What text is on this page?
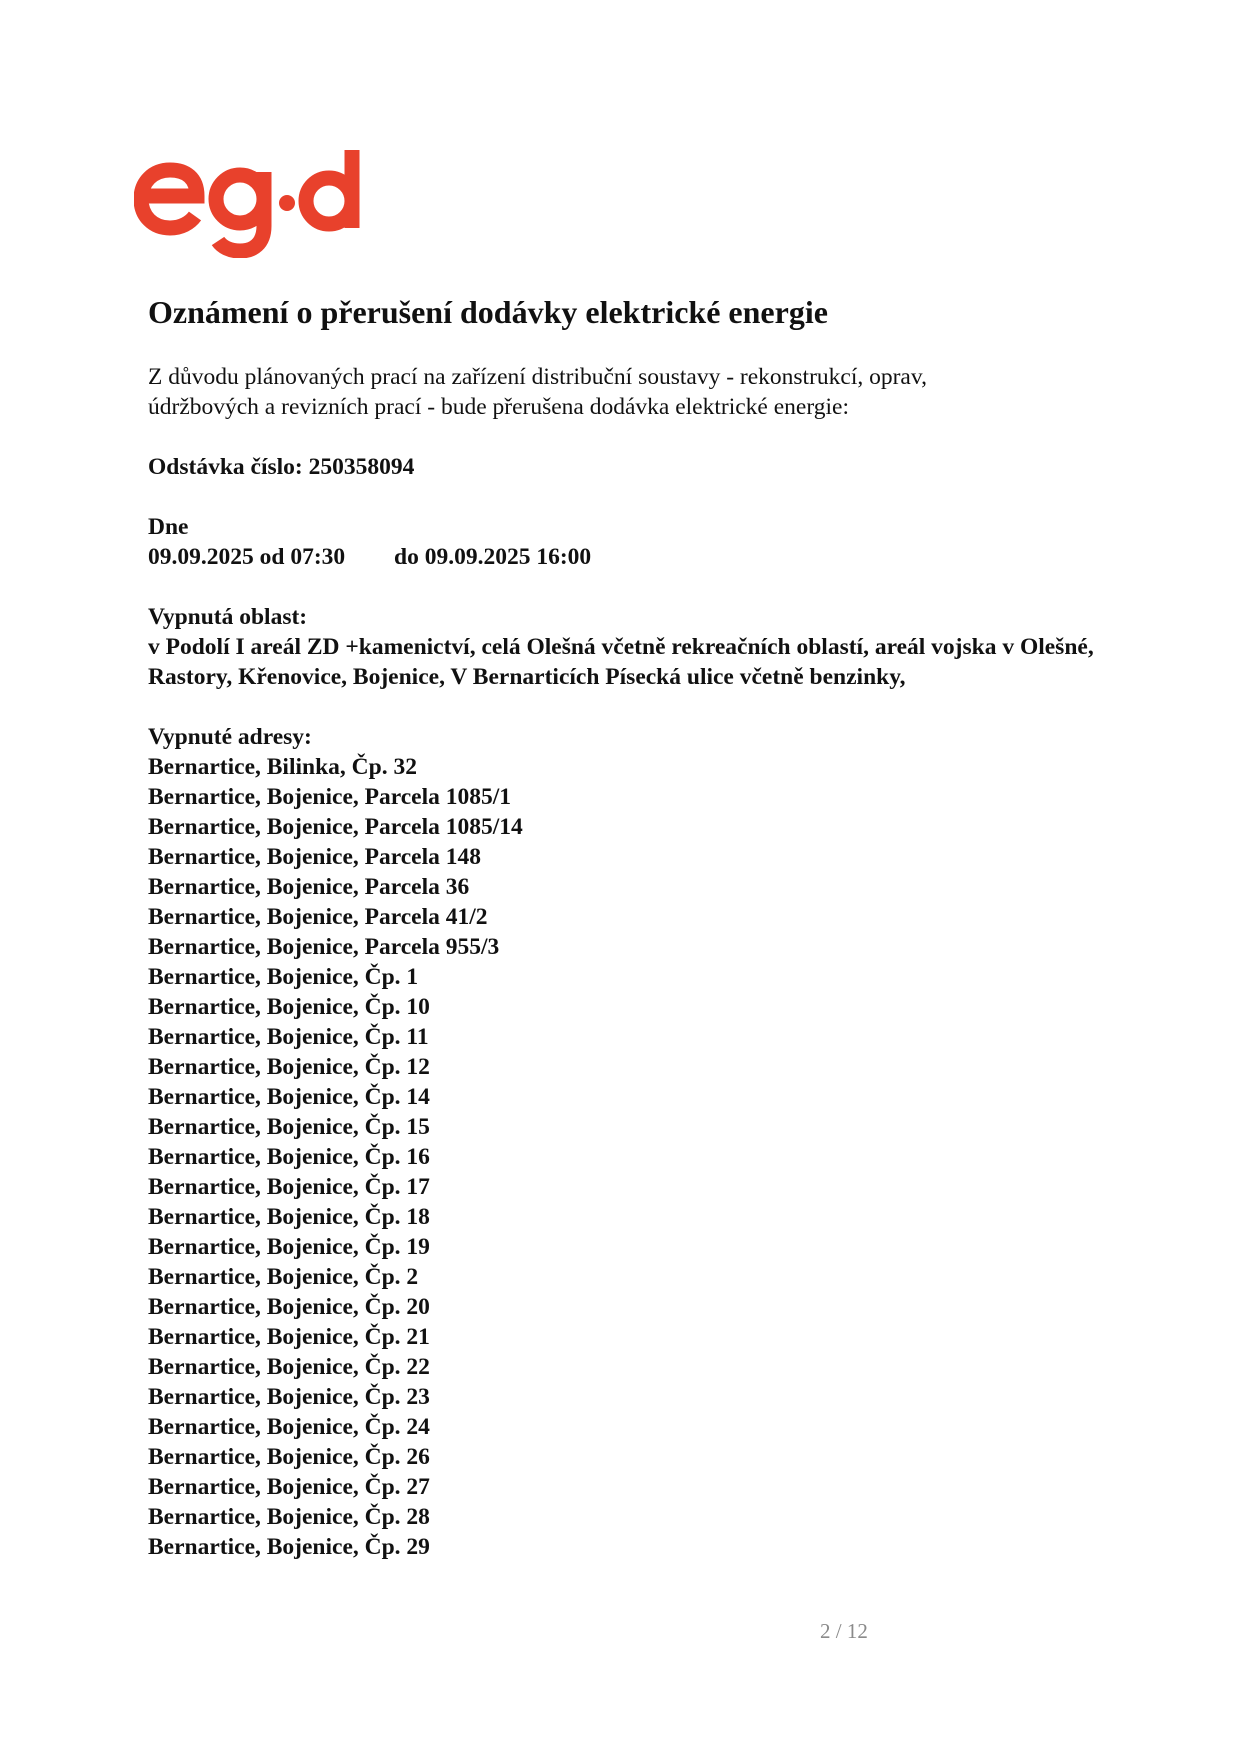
Oznámení o přerušení dodávky elektrické energie

Z důvodu plánovaných prací na zařízení distribuční soustavy - rekonstrukcí, oprav,
údržbových a revizních prací - bude přerušena dodávka elektrické energie:

Odstávka číslo: 250358094
Dne
09.09.2025 od 07:30 do 09.09.2025 16:00
Vypnutá oblast:
v Podolí I areál ZD +kamenictví, celá Olešná včetně rekreačních oblastí, areál vojska v Olešné,
Rastory, Křenovice, Bojenice, V Bernarticích Písecká ulice včetně benzinky,
Vypnuté adresy:
Bernartice, Bilinka, Čp. 32
Bernartice, Bojenice, Parcela 1085/1
Bernartice, Bojenice, Parcela 1085/14
Bernartice, Bojenice, Parcela 148
Bernartice, Bojenice, Parcela 36
Bernartice, Bojenice, Parcela 41/2
Bernartice, Bojenice, Parcela 955/3
Bernartice, Bojenice, Čp. 1
Bernartice, Bojenice, Čp. 10
Bernartice, Bojenice, Čp. 11
Bernartice, Bojenice, Čp. 12
Bernartice, Bojenice, Čp. 14
Bernartice, Bojenice, Čp. 15
Bernartice, Bojenice, Čp. 16
Bernartice, Bojenice, Čp. 17
Bernartice, Bojenice, Čp. 18
Bernartice, Bojenice, Čp. 19
Bernartice, Bojenice, Čp. 2
Bernartice, Bojenice, Čp. 20
Bernartice, Bojenice, Čp. 21
Bernartice, Bojenice, Čp. 22
Bernartice, Bojenice, Čp. 23
Bernartice, Bojenice, Čp. 24
Bernartice, Bojenice, Čp. 26
Bernartice, Bojenice, Čp. 27
Bernartice, Bojenice, Čp. 28
Bernartice, Bojenice, Čp. 29
2 / 12
